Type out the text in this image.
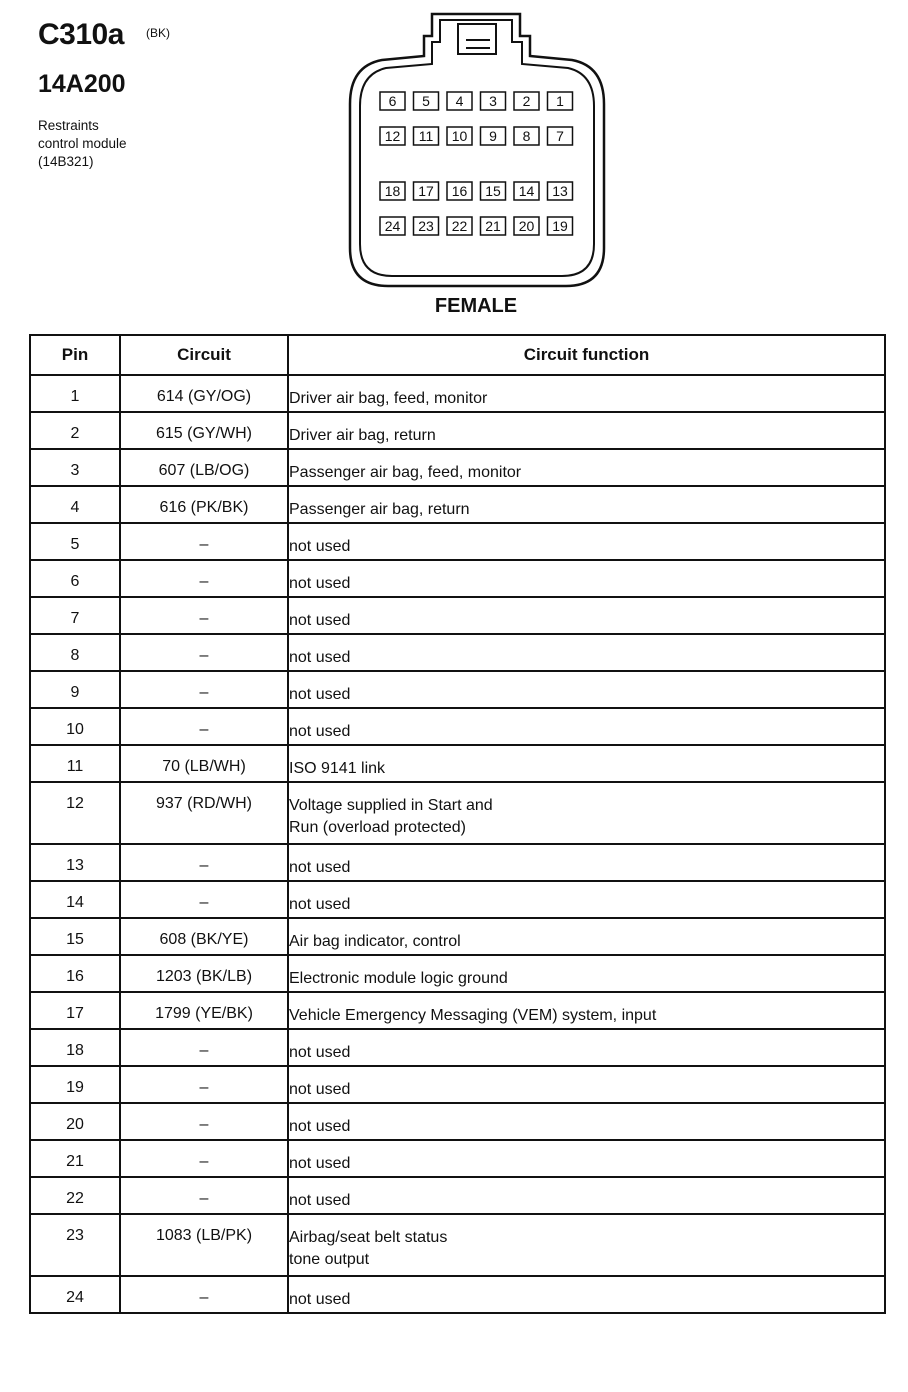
C310a (BK)
14A200
Restraints
control module
(14B321)
6 5 4 3 2 1
12 11 10 9 8 7
18 17 16 15 14 13
24 23 22 21 20 19
FEMALE
Pin	Circuit	Circuit function
1	614 (GY/OG)	Driver air bag, feed, monitor
2	615 (GY/WH)	Driver air bag, return
3	607 (LB/OG)	Passenger air bag, feed, monitor
4	616 (PK/BK)	Passenger air bag, return
5	–	not used
6	–	not used
7	–	not used
8	–	not used
9	–	not used
10	–	not used
11	70 (LB/WH)	ISO 9141 link
12	937 (RD/WH)	Voltage supplied in Start and
Run (overload protected)

13	–	not used
14	–	not used
15	608 (BK/YE)	Air bag indicator, control
16	1203 (BK/LB)	Electronic module logic ground
17	1799 (YE/BK)	Vehicle Emergency Messaging (VEM) system, input
18	–	not used
19	–	not used
20	–	not used
21	–	not used
22	–	not used
23	1083 (LB/PK)	Airbag/seat belt status
tone output

24	–	not used
